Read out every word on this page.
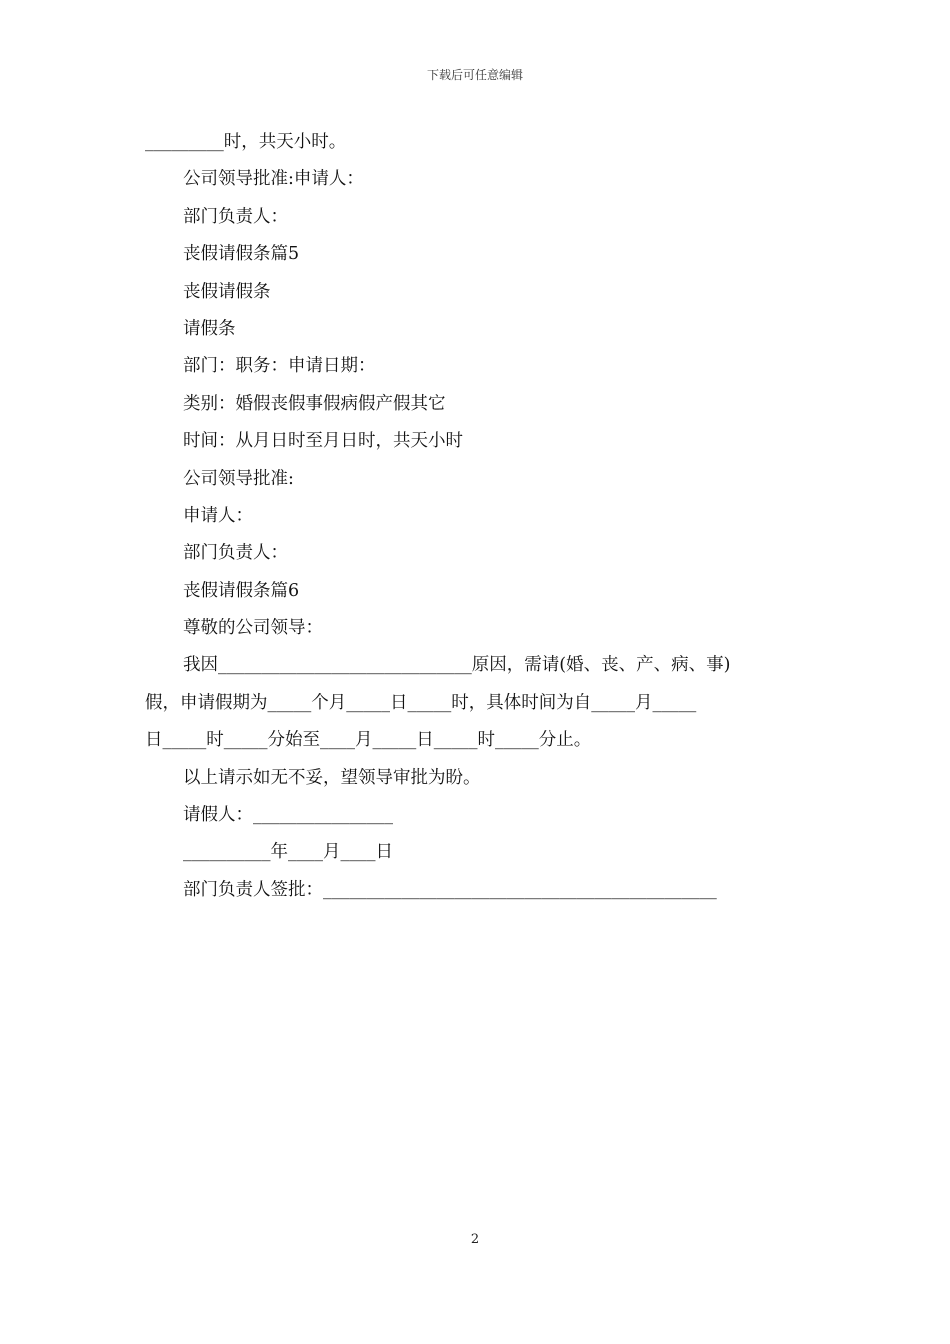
下载后可任意编辑
_________时，共天小时。
公司领导批准:申请人：
部门负责人：
丧假请假条篇5
丧假请假条
请假条
部门：职务：申请日期：
类别：婚假丧假事假病假产假其它
时间：从月日时至月日时，共天小时
公司领导批准:
申请人：
部门负责人：
丧假请假条篇6
尊敬的公司领导：
我因_____________________________原因，需请(婚、丧、产、病、事)
假，申请假期为_____个月_____日_____时，具体时间为自_____月_____
日_____时_____分始至____月_____日_____时_____分止。
以上请示如无不妥，望领导审批为盼。
请假人：________________
__________年____月____日
部门负责人签批：_____________________________________________
2
